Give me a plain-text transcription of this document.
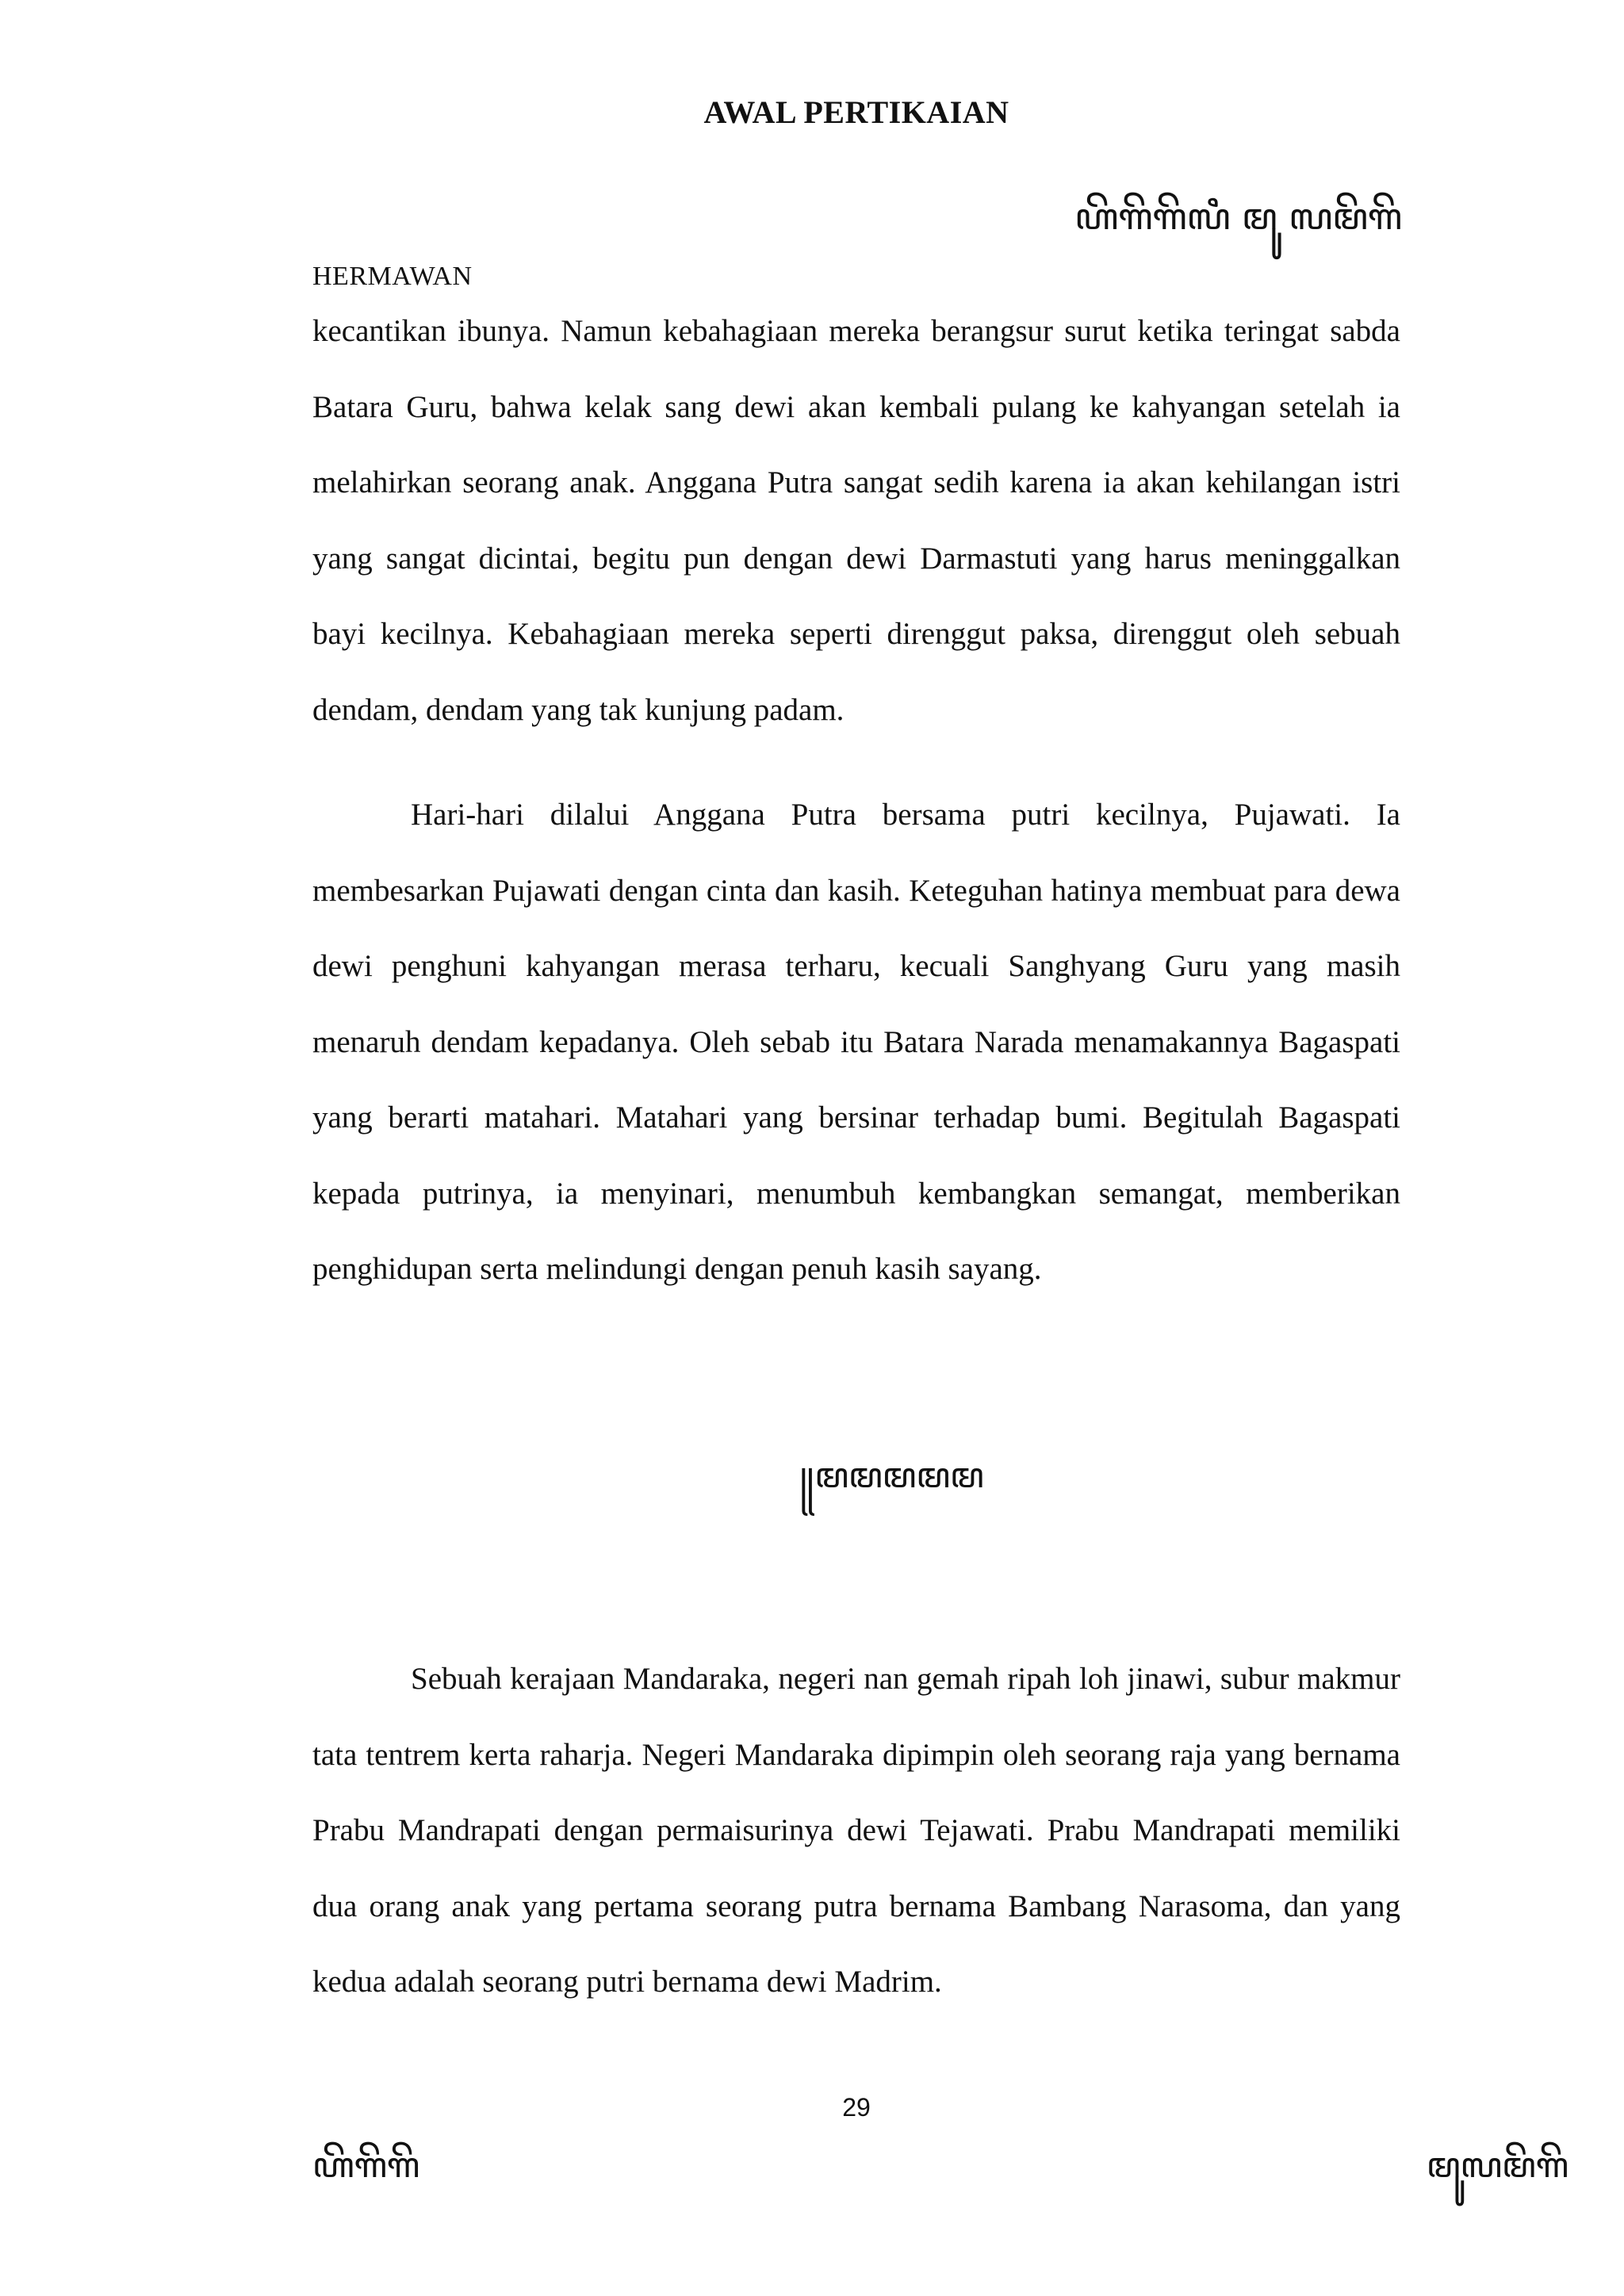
AWAL PERTIKAIAN
ꦲꦼꦒꦼꦒꦼꦭꦶ ꦩꦸ ꦭꦩꦼꦒꦼ
HERMAWAN

kecantikan ibunya. Namun kebahagiaan mereka berangsur surut ketika teringat sabda Batara Guru, bahwa kelak sang dewi akan kembali pulang ke kahyangan setelah ia melahirkan seorang anak. Anggana Putra sangat sedih karena ia akan kehilangan istri yang sangat dicintai, begitu pun dengan dewi Darmastuti yang harus meninggalkan bayi kecilnya. Kebahagiaan mereka seperti direnggut paksa, direnggut oleh sebuah dendam, dendam yang tak kunjung padam.

Hari-hari dilalui Anggana Putra bersama putri kecilnya, Pujawati. Ia membesarkan Pujawati dengan cinta dan kasih. Keteguhan hatinya membuat para dewa dewi penghuni kahyangan merasa terharu, kecuali Sanghyang Guru yang masih menaruh dendam kepadanya. Oleh sebab itu Batara Narada menamakannya Bagaspati yang berarti matahari. Matahari yang bersinar terhadap bumi. Begitulah Bagaspati kepada putrinya, ia menyinari, menumbuh kembangkan semangat, memberikan penghidupan serta melindungi dengan penuh kasih sayang.

꧋ꦩꦩꦩꦩꦩ

Sebuah kerajaan Mandaraka, negeri nan gemah ripah loh jinawi, subur makmur tata tentrem kerta raharja. Negeri Mandaraka dipimpin oleh seorang raja yang bernama Prabu Mandrapati dengan permaisurinya dewi Tejawati. Prabu Mandrapati memiliki dua orang anak yang pertama seorang putra bernama Bambang Narasoma, dan yang kedua adalah seorang putri bernama dewi Madrim.

29
ꦲꦼꦒꦼꦒꦼ	ꦩꦸꦭꦩꦼꦒꦼ
